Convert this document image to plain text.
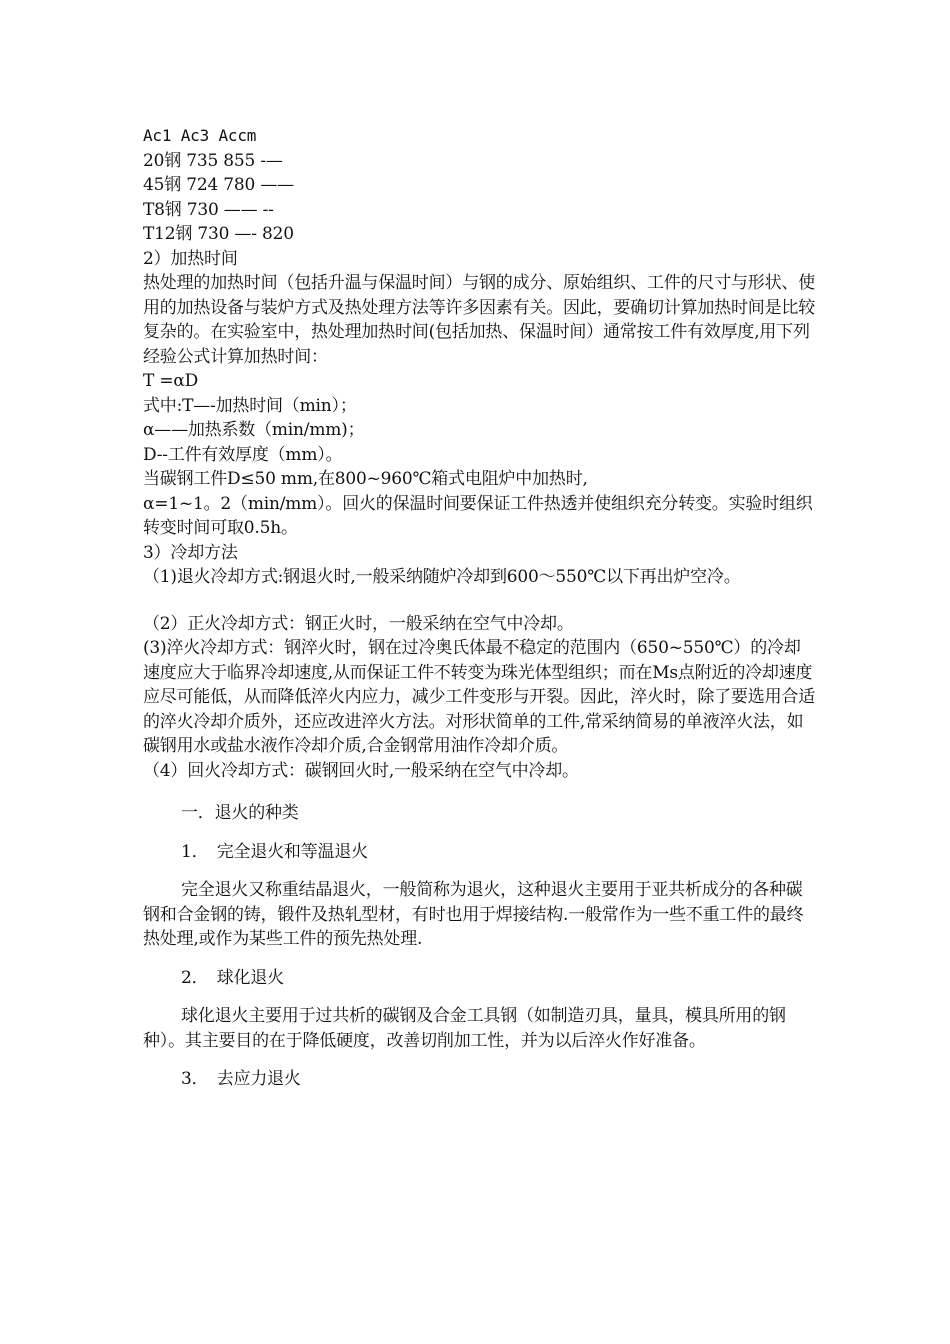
Ac1 Ac3 Accm
20钢 735 855 -—
45钢 724 780 ——
T8钢 730 —— --
T12钢 730 —- 820
2）加热时间
热处理的加热时间（包括升温与保温时间）与钢的成分、原始组织、工件的尺寸与形状、使用的加热设备与装炉方式及热处理方法等许多因素有关。因此，要确切计算加热时间是比较复杂的。在实验室中，热处理加热时间(包括加热、保温时间）通常按工件有效厚度,用下列经验公式计算加热时间：
T =αD
式中:T—-加热时间（min）；
α——加热系数（min/mm)；
D--工件有效厚度（mm）。
当碳钢工件D≤50 mm,在800~960℃箱式电阻炉中加热时,
α=1~1。2（min/mm）。回火的保温时间要保证工件热透并使组织充分转变。实验时组织转变时间可取0.5h。
3）冷却方法
（1)退火冷却方式:钢退火时,一般采纳随炉冷却到600～550℃以下再出炉空冷。
（2）正火冷却方式：钢正火时，一般采纳在空气中冷却。
(3)淬火冷却方式：钢淬火时，钢在过冷奥氏体最不稳定的范围内（650~550℃）的冷却速度应大于临界冷却速度,从而保证工件不转变为珠光体型组织；而在Ms点附近的冷却速度应尽可能低，从而降低淬火内应力，减少工件变形与开裂。因此，淬火时，除了要选用合适的淬火冷却介质外，还应改进淬火方法。对形状简单的工件,常采纳简易的单液淬火法，如碳钢用水或盐水液作冷却介质,合金钢常用油作冷却介质。
（4）回火冷却方式：碳钢回火时,一般采纳在空气中冷却。
一．退火的种类
1．　完全退火和等温退火
完全退火又称重结晶退火，一般简称为退火，这种退火主要用于亚共析成分的各种碳钢和合金钢的铸，锻件及热轧型材，有时也用于焊接结构.一般常作为一些不重工件的最终热处理,或作为某些工件的预先热处理.
2．　球化退火
球化退火主要用于过共析的碳钢及合金工具钢（如制造刃具，量具，模具所用的钢种）。其主要目的在于降低硬度，改善切削加工性，并为以后淬火作好准备。
3．　去应力退火
